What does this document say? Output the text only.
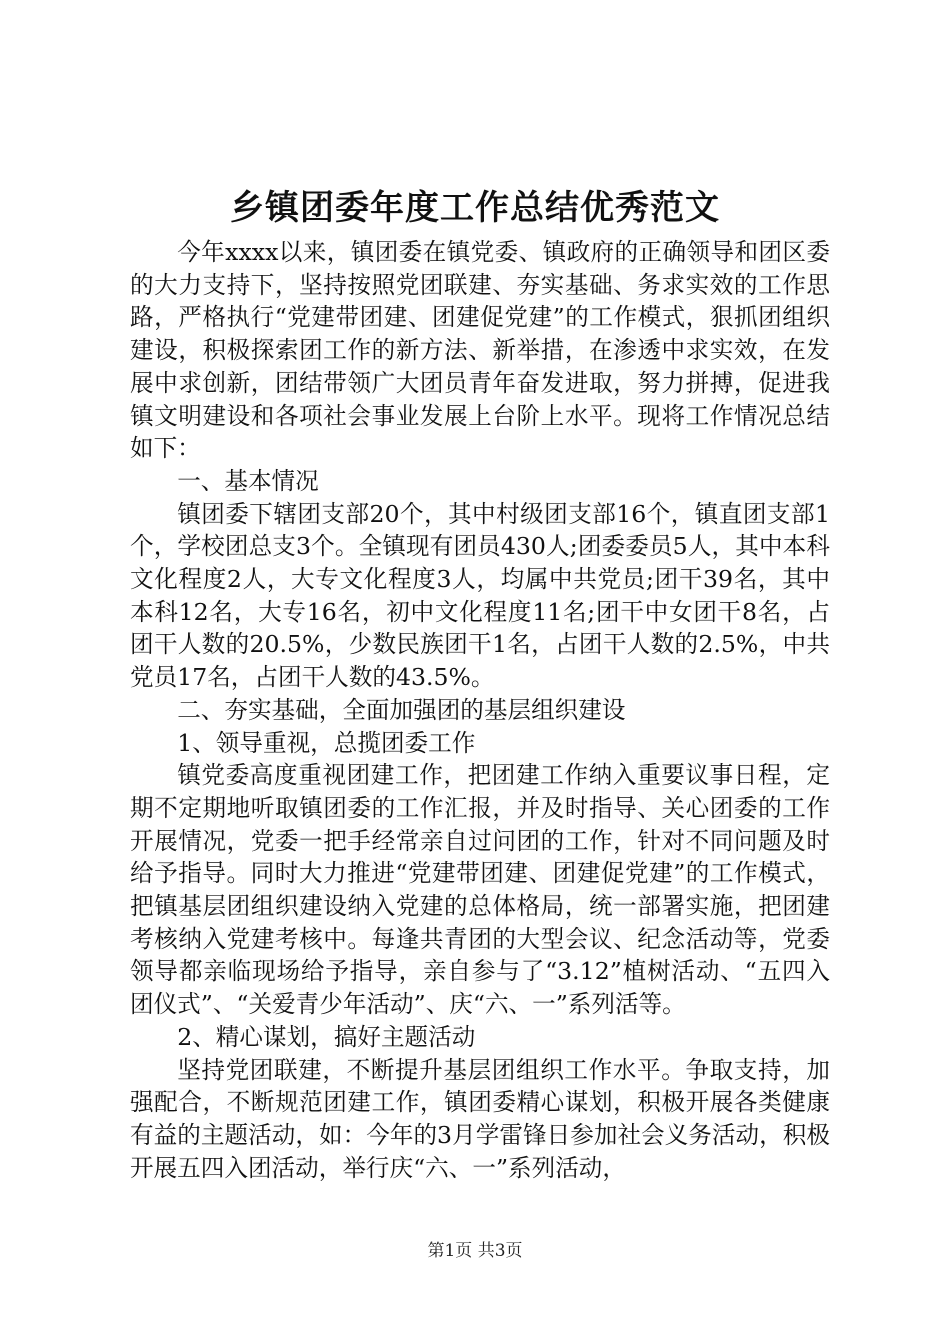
乡镇团委年度工作总结优秀范文

今年xxxx以来，镇团委在镇党委、镇政府的正确领导和团区委的大力支持下，坚持按照党团联建、夯实基础、务求实效的工作思路，严格执行“党建带团建、团建促党建”的工作模式，狠抓团组织建设，积极探索团工作的新方法、新举措，在渗透中求实效，在发展中求创新，团结带领广大团员青年奋发进取，努力拼搏，促进我镇文明建设和各项社会事业发展上台阶上水平。现将工作情况总结如下：

一、基本情况

镇团委下辖团支部20个，其中村级团支部16个，镇直团支部1个，学校团总支3个。全镇现有团员430人;团委委员5人，其中本科文化程度2人，大专文化程度3人，均属中共党员;团干39名，其中本科12名，大专16名，初中文化程度11名;团干中女团干8名，占团干人数的20.5%，少数民族团干1名，占团干人数的2.5%，中共党员17名，占团干人数的43.5%。

二、夯实基础，全面加强团的基层组织建设

1、领导重视，总揽团委工作

镇党委高度重视团建工作，把团建工作纳入重要议事日程，定期不定期地听取镇团委的工作汇报，并及时指导、关心团委的工作开展情况，党委一把手经常亲自过问团的工作，针对不同问题及时给予指导。同时大力推进“党建带团建、团建促党建”的工作模式，把镇基层团组织建设纳入党建的总体格局，统一部署实施，把团建考核纳入党建考核中。每逢共青团的大型会议、纪念活动等，党委领导都亲临现场给予指导，亲自参与了“3.12”植树活动、“五四入团仪式”、“关爱青少年活动”、庆“六、一”系列活等。

2、精心谋划，搞好主题活动

坚持党团联建，不断提升基层团组织工作水平。争取支持，加强配合，不断规范团建工作，镇团委精心谋划，积极开展各类健康有益的主题活动，如：今年的3月学雷锋日参加社会义务活动，积极开展五四入团活动，举行庆“六、一”系列活动，

第1页 共3页
